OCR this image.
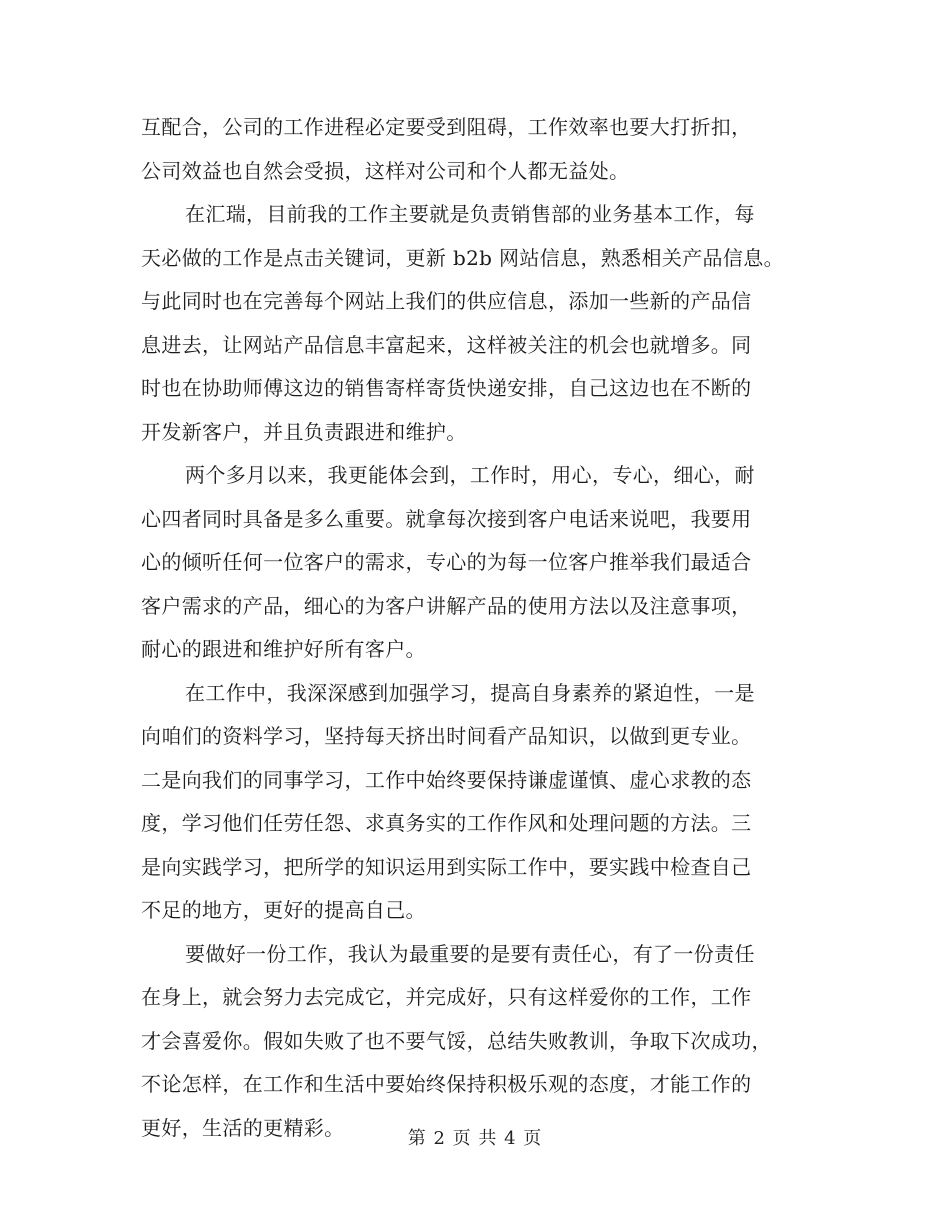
互配合，公司的工作进程必定要受到阻碍，工作效率也要大打折扣，
公司效益也自然会受损，这样对公司和个人都无益处。
在汇瑞，目前我的工作主要就是负责销售部的业务基本工作，每
天必做的工作是点击关键词，更新 b2b 网站信息，熟悉相关产品信息。
与此同时也在完善每个网站上我们的供应信息，添加一些新的产品信
息进去，让网站产品信息丰富起来，这样被关注的机会也就增多。同
时也在协助师傅这边的销售寄样寄货快递安排，自己这边也在不断的
开发新客户，并且负责跟进和维护。
两个多月以来，我更能体会到，工作时，用心，专心，细心，耐
心四者同时具备是多么重要。就拿每次接到客户电话来说吧，我要用
心的倾听任何一位客户的需求，专心的为每一位客户推举我们最适合
客户需求的产品，细心的为客户讲解产品的使用方法以及注意事项，
耐心的跟进和维护好所有客户。
在工作中，我深深感到加强学习，提高自身素养的紧迫性，一是
向咱们的资料学习，坚持每天挤出时间看产品知识，以做到更专业。
二是向我们的同事学习，工作中始终要保持谦虚谨慎、虚心求教的态
度，学习他们任劳任怨、求真务实的工作作风和处理问题的方法。三
是向实践学习，把所学的知识运用到实际工作中，要实践中检查自己
不足的地方，更好的提高自己。
要做好一份工作，我认为最重要的是要有责任心，有了一份责任
在身上，就会努力去完成它，并完成好，只有这样爱你的工作，工作
才会喜爱你。假如失败了也不要气馁，总结失败教训，争取下次成功，
不论怎样，在工作和生活中要始终保持积极乐观的态度，才能工作的
更好，生活的更精彩。	第 2 页 共 4 页
